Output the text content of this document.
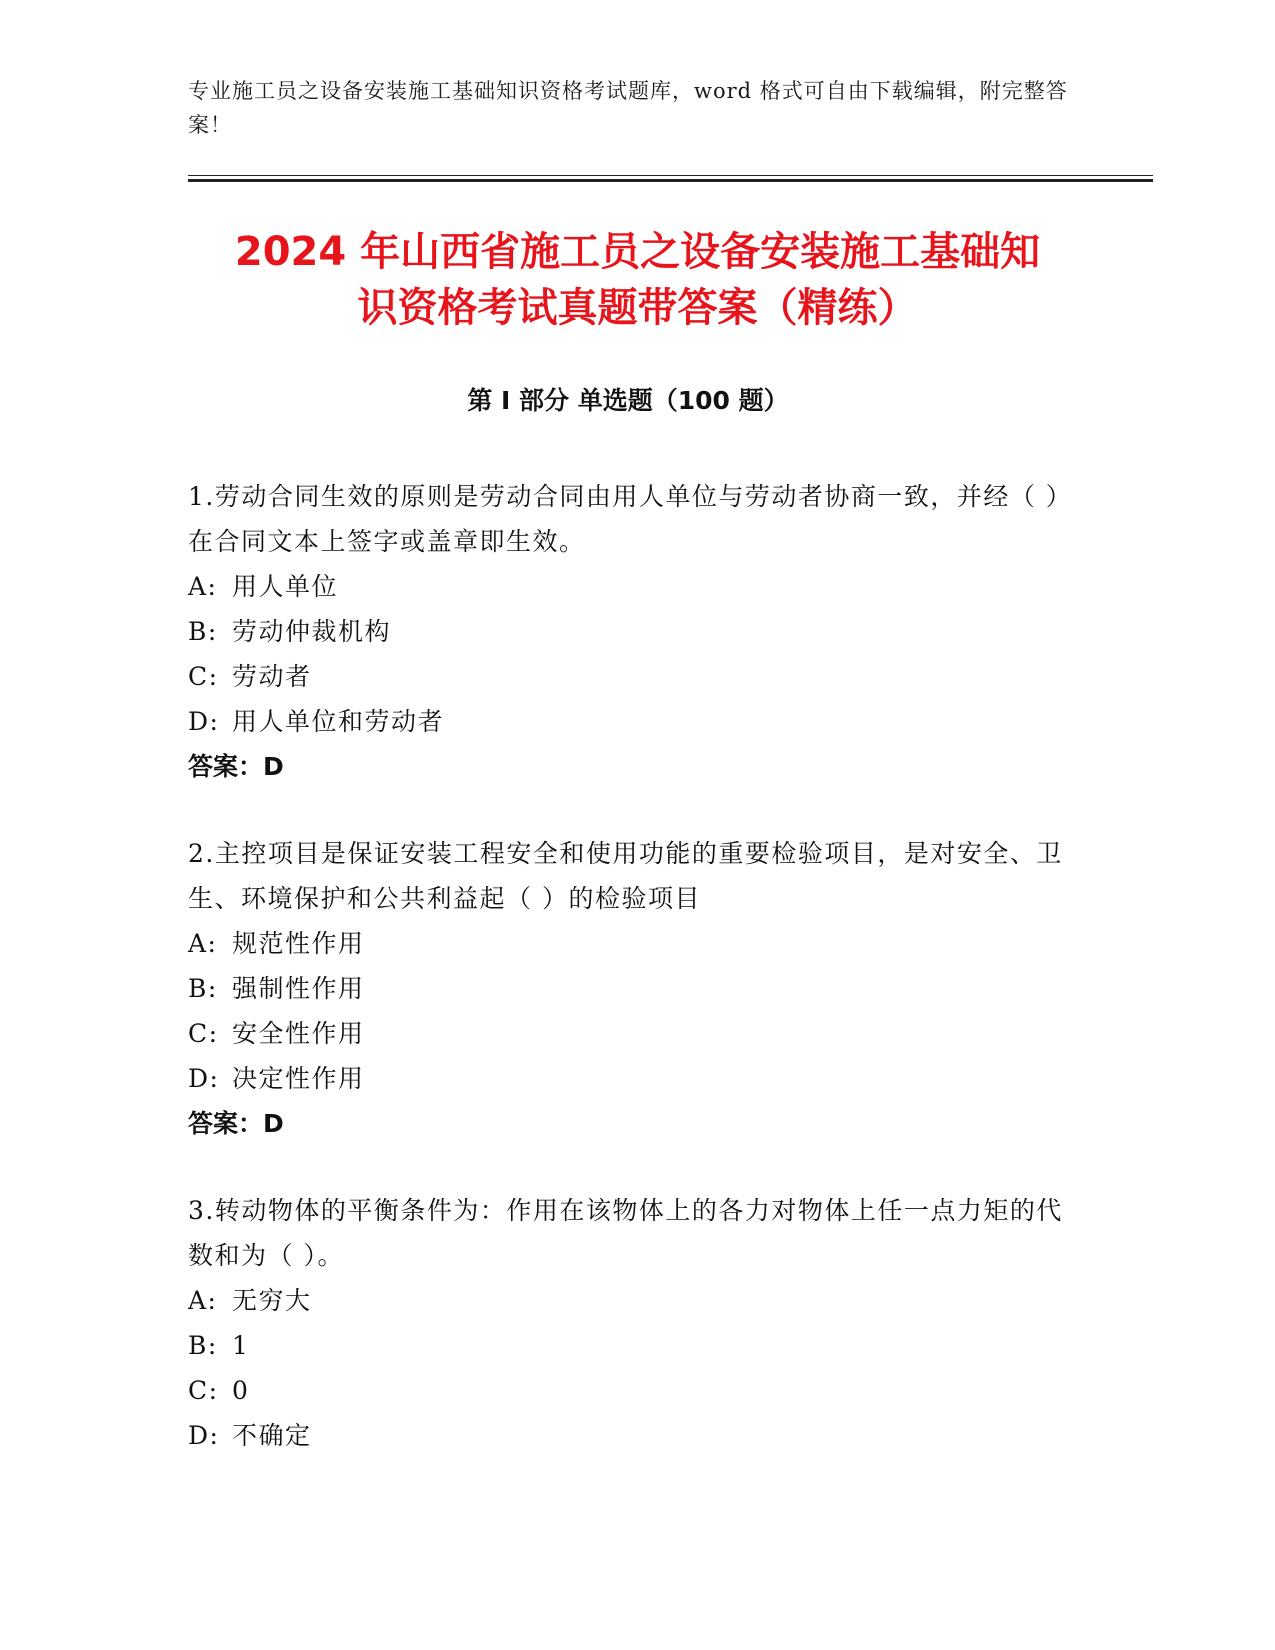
专业施工员之设备安装施工基础知识资格考试题库，word 格式可自由下载编辑，附完整答案！
2024 年山西省施工员之设备安装施工基础知
识资格考试真题带答案（精练）
第 I 部分 单选题（100 题）
1.劳动合同生效的原则是劳动合同由用人单位与劳动者协商一致，并经（ ）在合同文本上签字或盖章即生效。
A: 用人单位
B: 劳动仲裁机构
C: 劳动者
D: 用人单位和劳动者
答案：D
2.主控项目是保证安装工程安全和使用功能的重要检验项目，是对安全、卫生、环境保护和公共利益起（ ）的检验项目
A: 规范性作用
B: 强制性作用
C: 安全性作用
D: 决定性作用
答案：D
3.转动物体的平衡条件为：作用在该物体上的各力对物体上任一点力矩的代数和为（ ）。
A: 无穷大
B: 1
C: 0
D: 不确定
